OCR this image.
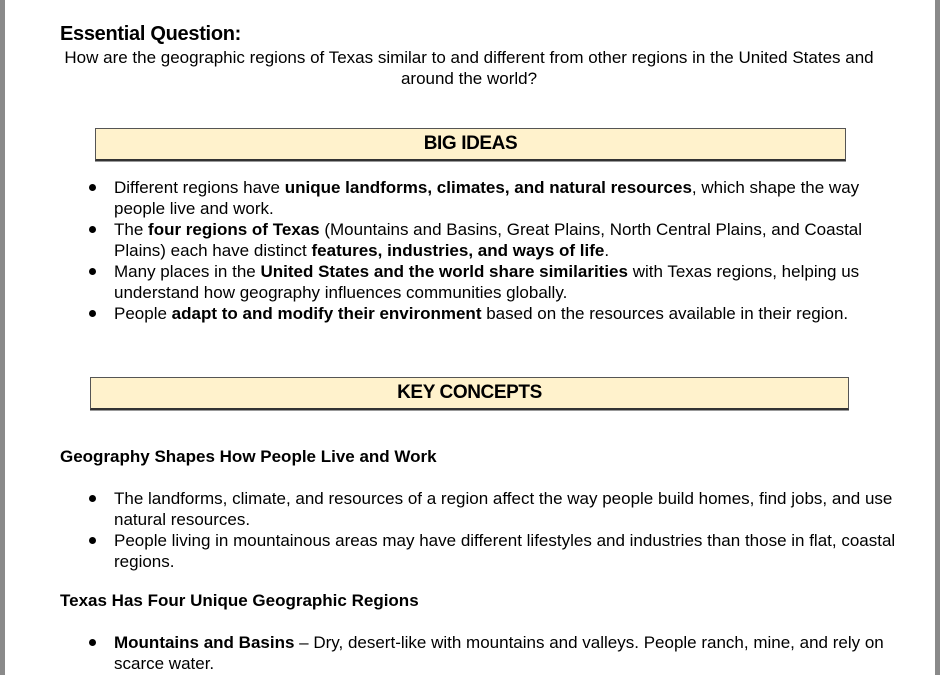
Essential Question:
How are the geographic regions of Texas similar to and different from other regions in the United States and around the world?
BIG IDEAS
Different regions have unique landforms, climates, and natural resources, which shape the way people live and work.
The four regions of Texas (Mountains and Basins, Great Plains, North Central Plains, and Coastal Plains) each have distinct features, industries, and ways of life.
Many places in the United States and the world share similarities with Texas regions, helping us understand how geography influences communities globally.
People adapt to and modify their environment based on the resources available in their region.
KEY CONCEPTS
Geography Shapes How People Live and Work
The landforms, climate, and resources of a region affect the way people build homes, find jobs, and use natural resources.
People living in mountainous areas may have different lifestyles and industries than those in flat, coastal regions.
Texas Has Four Unique Geographic Regions
Mountains and Basins – Dry, desert-like with mountains and valleys. People ranch, mine, and rely on scarce water.
